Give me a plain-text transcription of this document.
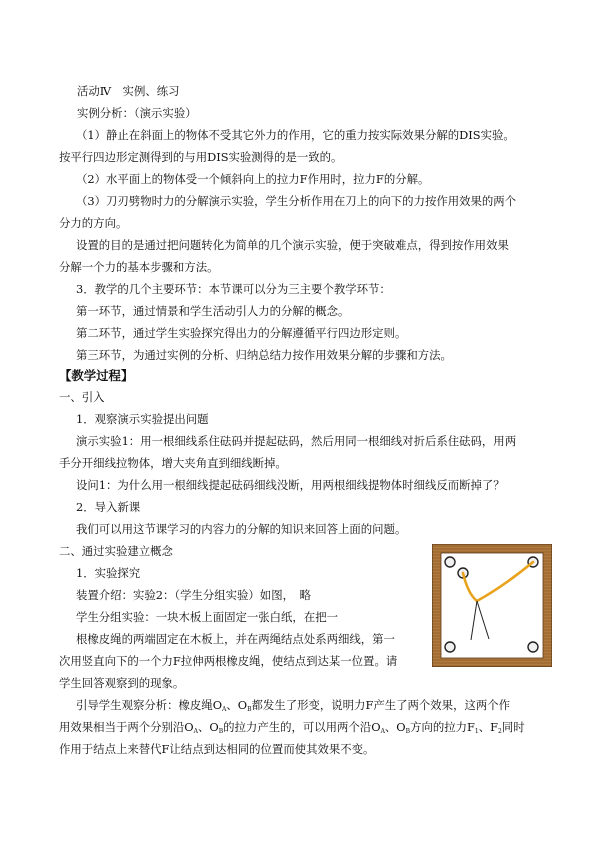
活动Ⅳ　实例、练习
实例分析：（演示实验）
（1）静止在斜面上的物体不受其它外力的作用，它的重力按实际效果分解的DIS实验。
按平行四边形定测得到的与用DIS实验测得的是一致的。
（2）水平面上的物体受一个倾斜向上的拉力F作用时，拉力F的分解。
（3）刀刃劈物时力的分解演示实验，学生分析作用在刀上的向下的力按作用效果的两个
分力的方向。
设置的目的是通过把问题转化为简单的几个演示实验，便于突破难点，得到按作用效果
分解一个力的基本步骤和方法。
3．教学的几个主要环节：本节课可以分为三主要个教学环节：
第一环节，通过情景和学生活动引人力的分解的概念。
第二环节，通过学生实验探究得出力的分解遵循平行四边形定则。
第三环节，为通过实例的分析、归纳总结力按作用效果分解的步骤和方法。
【教学过程】
一、引入
1．观察演示实验提出问题
演示实验1：用一根细线系住砝码并提起砝码，然后用同一根细线对折后系住砝码，用两
手分开细线拉物体，增大夹角直到细线断掉。
设问1：为什么用一根细线提起砝码细线没断，用两根细线提物体时细线反而断掉了？
2．导入新课
我们可以用这节课学习的内容力的分解的知识来回答上面的问题。
二、通过实验建立概念
1．实验探究
装置介绍：实验2：（学生分组实验）如图，　略
学生分组实验：一块木板上面固定一张白纸，在把一
根橡皮绳的两端固定在木板上，并在两绳结点处系两细线，第一
次用竖直向下的一个力F拉伸两根橡皮绳，使结点到达某一位置。请
学生回答观察到的现象。
引导学生观察分析：橡皮绳$O_A$、$O_B$都发生了形变，说明力F产生了两个效果，这两个作
用效果相当于两个分别沿$O_A$、$O_B$的拉力产生的，可以用两个沿$O_A$、$O_B$方向的拉力$F_1$、$F_2$同时
作用于结点上来替代F让结点到达相同的位置而使其效果不变。
